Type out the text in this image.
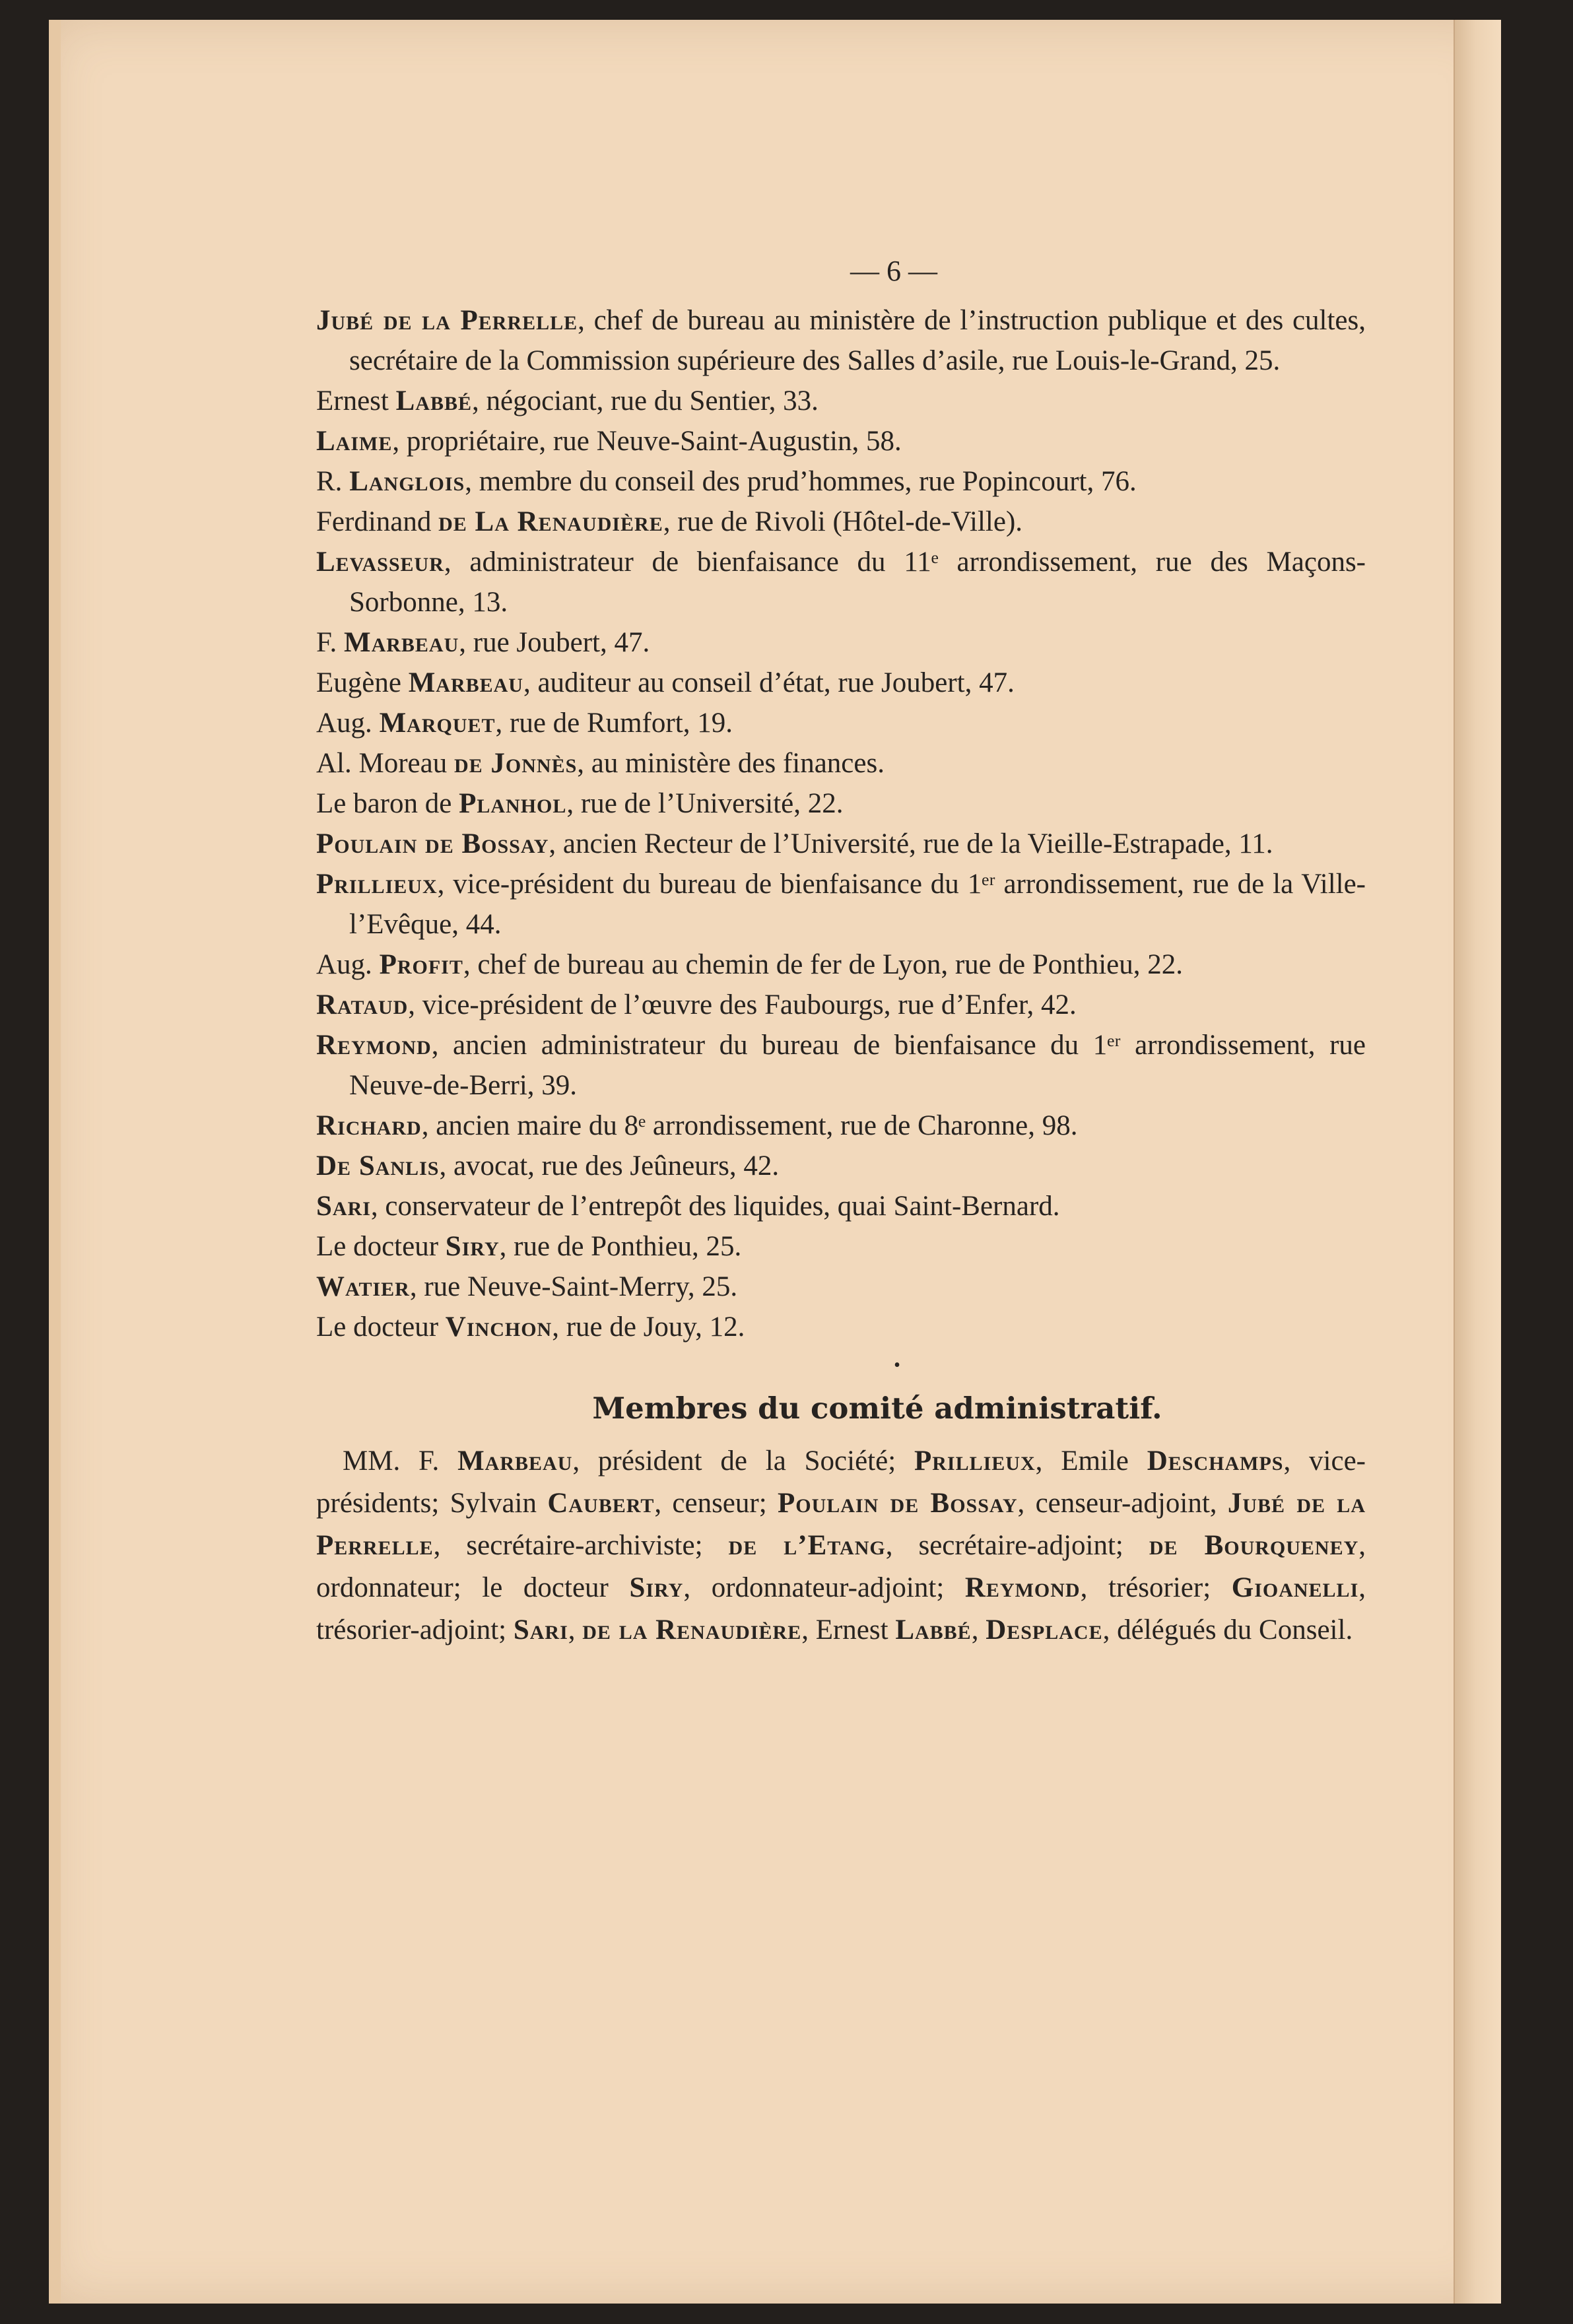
— 6 —
Jubé de la Perrelle, chef de bureau au ministère de l’instruction publique et des cultes, secrétaire de la Commission supérieure des Salles d’asile, rue Louis-le-Grand, 25.
Ernest Labbé, négociant, rue du Sentier, 33.
Laime, propriétaire, rue Neuve-Saint-Augustin, 58.
R. Langlois, membre du conseil des prud’hommes, rue Popincourt, 76.
Ferdinand de La Renaudière, rue de Rivoli (Hôtel-de-Ville).
Levasseur, administrateur de bienfaisance du 11ᵉ arrondissement, rue des Maçons-Sorbonne, 13.
F. Marbeau, rue Joubert, 47.
Eugène Marbeau, auditeur au conseil d’état, rue Joubert, 47.
Aug. Marquet, rue de Rumfort, 19.
Al. Moreau de Jonnès, au ministère des finances.
Le baron de Planhol, rue de l’Université, 22.
Poulain de Bossay, ancien Recteur de l’Université, rue de la Vieille-Estrapade, 11.
Prillieux, vice-président du bureau de bienfaisance du 1ᵉʳ arrondissement, rue de la Ville-l’Evêque, 44.
Aug. Profit, chef de bureau au chemin de fer de Lyon, rue de Ponthieu, 22.
Rataud, vice-président de l’œuvre des Faubourgs, rue d’Enfer, 42.
Reymond, ancien administrateur du bureau de bienfaisance du 1ᵉʳ arrondissement, rue Neuve-de-Berri, 39.
Richard, ancien maire du 8ᵉ arrondissement, rue de Charonne, 98.
De Sanlis, avocat, rue des Jeûneurs, 42.
Sari, conservateur de l’entrepôt des liquides, quai Saint-Bernard.
Le docteur Siry, rue de Ponthieu, 25.
Watier, rue Neuve-Saint-Merry, 25.
Le docteur Vinchon, rue de Jouy, 12.
•
Membres du comité administratif.
MM. F. Marbeau, président de la Société; Prillieux, Emile Deschamps, vice-présidents; Sylvain Caubert, censeur; Poulain de Bossay, censeur-adjoint, Jubé de la Perrelle, secrétaire-archiviste; de l’Etang, secrétaire-adjoint; de Bourqueney, ordonnateur; le docteur Siry, ordonnateur-adjoint; Reymond, trésorier; Gioanelli, trésorier-adjoint; Sari, de la Renaudière, Ernest Labbé, Desplace, délégués du Conseil.
